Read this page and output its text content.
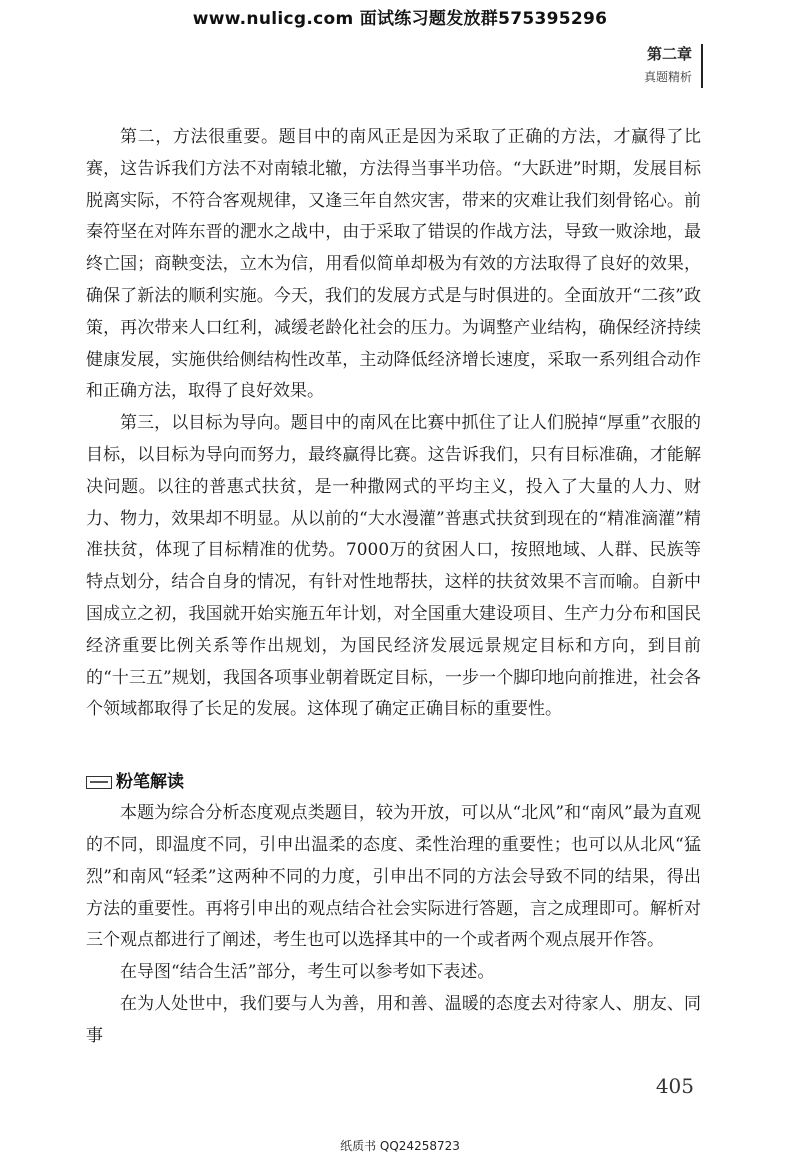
www.nulicg.com 面试练习题发放群575395296
第二章
真题精析

第二，方法很重要。题目中的南风正是因为采取了正确的方法，才赢得了比赛，这告诉我们方法不对南辕北辙，方法得当事半功倍。“大跃进”时期，发展目标脱离实际，不符合客观规律，又逢三年自然灾害，带来的灾难让我们刻骨铭心。前秦符坚在对阵东晋的淝水之战中，由于采取了错误的作战方法，导致一败涂地，最终亡国；商鞅变法，立木为信，用看似简单却极为有效的方法取得了良好的效果，确保了新法的顺利实施。今天，我们的发展方式是与时俱进的。全面放开“二孩”政策，再次带来人口红利，减缓老龄化社会的压力。为调整产业结构，确保经济持续健康发展，实施供给侧结构性改革，主动降低经济增长速度，采取一系列组合动作和正确方法，取得了良好效果。

第三，以目标为导向。题目中的南风在比赛中抓住了让人们脱掉“厚重”衣服的目标，以目标为导向而努力，最终赢得比赛。这告诉我们，只有目标准确，才能解决问题。以往的普惠式扶贫，是一种撒网式的平均主义，投入了大量的人力、财力、物力，效果却不明显。从以前的“大水漫灌”普惠式扶贫到现在的“精准滴灌”精准扶贫，体现了目标精准的优势。7000万的贫困人口，按照地域、人群、民族等特点划分，结合自身的情况，有针对性地帮扶，这样的扶贫效果不言而喻。自新中国成立之初，我国就开始实施五年计划，对全国重大建设项目、生产力分布和国民经济重要比例关系等作出规划，为国民经济发展远景规定目标和方向，到目前的“十三五”规划，我国各项事业朝着既定目标，一步一个脚印地向前推进，社会各个领域都取得了长足的发展。这体现了确定正确目标的重要性。

粉笔解读

本题为综合分析态度观点类题目，较为开放，可以从“北风”和“南风”最为直观的不同，即温度不同，引申出温柔的态度、柔性治理的重要性；也可以从北风“猛烈”和南风“轻柔”这两种不同的力度，引申出不同的方法会导致不同的结果，得出方法的重要性。再将引申出的观点结合社会实际进行答题，言之成理即可。解析对三个观点都进行了阐述，考生也可以选择其中的一个或者两个观点展开作答。

在导图“结合生活”部分，考生可以参考如下表述。

在为人处世中，我们要与人为善，用和善、温暖的态度去对待家人、朋友、同事

405
纸质书 QQ24258723
